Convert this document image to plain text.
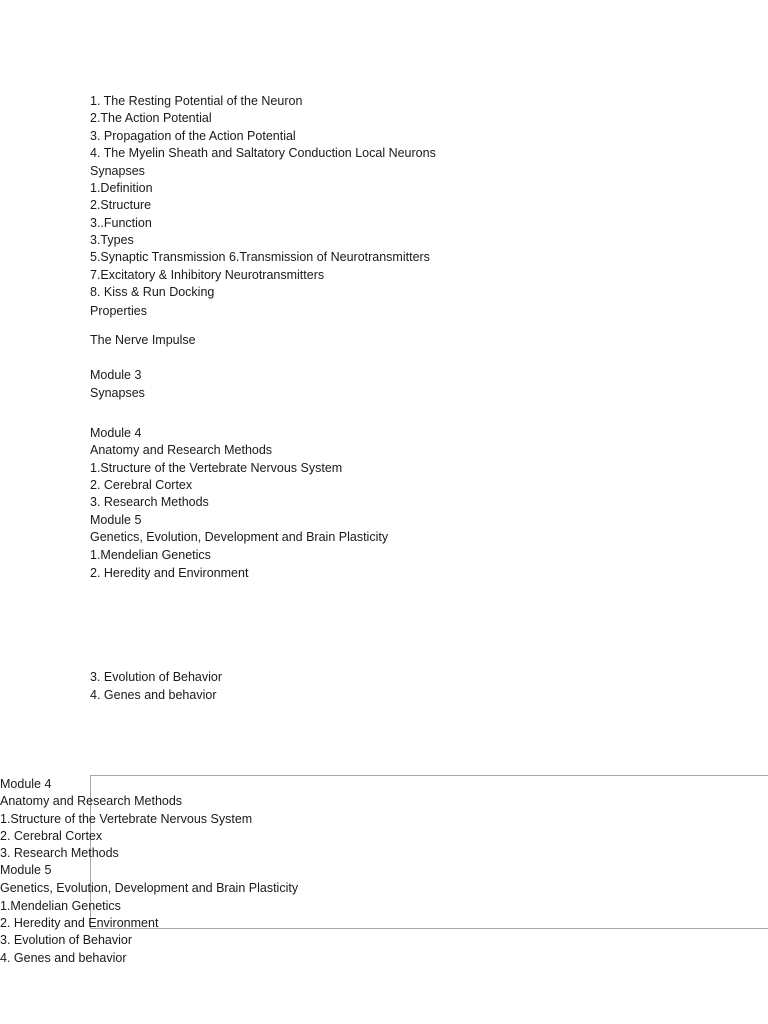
1. The Resting Potential of the Neuron
2.The Action Potential
3. Propagation of the Action Potential
4. The Myelin Sheath and Saltatory Conduction Local Neurons
Synapses
1.Definition
2.Structure
3..Function
3.Types
5.Synaptic Transmission 6.Transmission of Neurotransmitters
7.Excitatory & Inhibitory Neurotransmitters
8. Kiss & Run Docking
Properties
The Nerve Impulse
Module 3
Synapses
Module 4
Anatomy and Research Methods
1.Structure of the Vertebrate Nervous System
2. Cerebral Cortex
3. Research Methods
Module 5
Genetics, Evolution, Development and Brain Plasticity
1.Mendelian Genetics
2. Heredity and Environment
3. Evolution of Behavior
4. Genes and behavior
Module 4
Anatomy and Research Methods
1.Structure of the Vertebrate Nervous System
2. Cerebral Cortex
3. Research Methods
Module 5
Genetics, Evolution, Development and Brain Plasticity
1.Mendelian Genetics
2. Heredity and Environment
3. Evolution of Behavior
4. Genes and behavior
